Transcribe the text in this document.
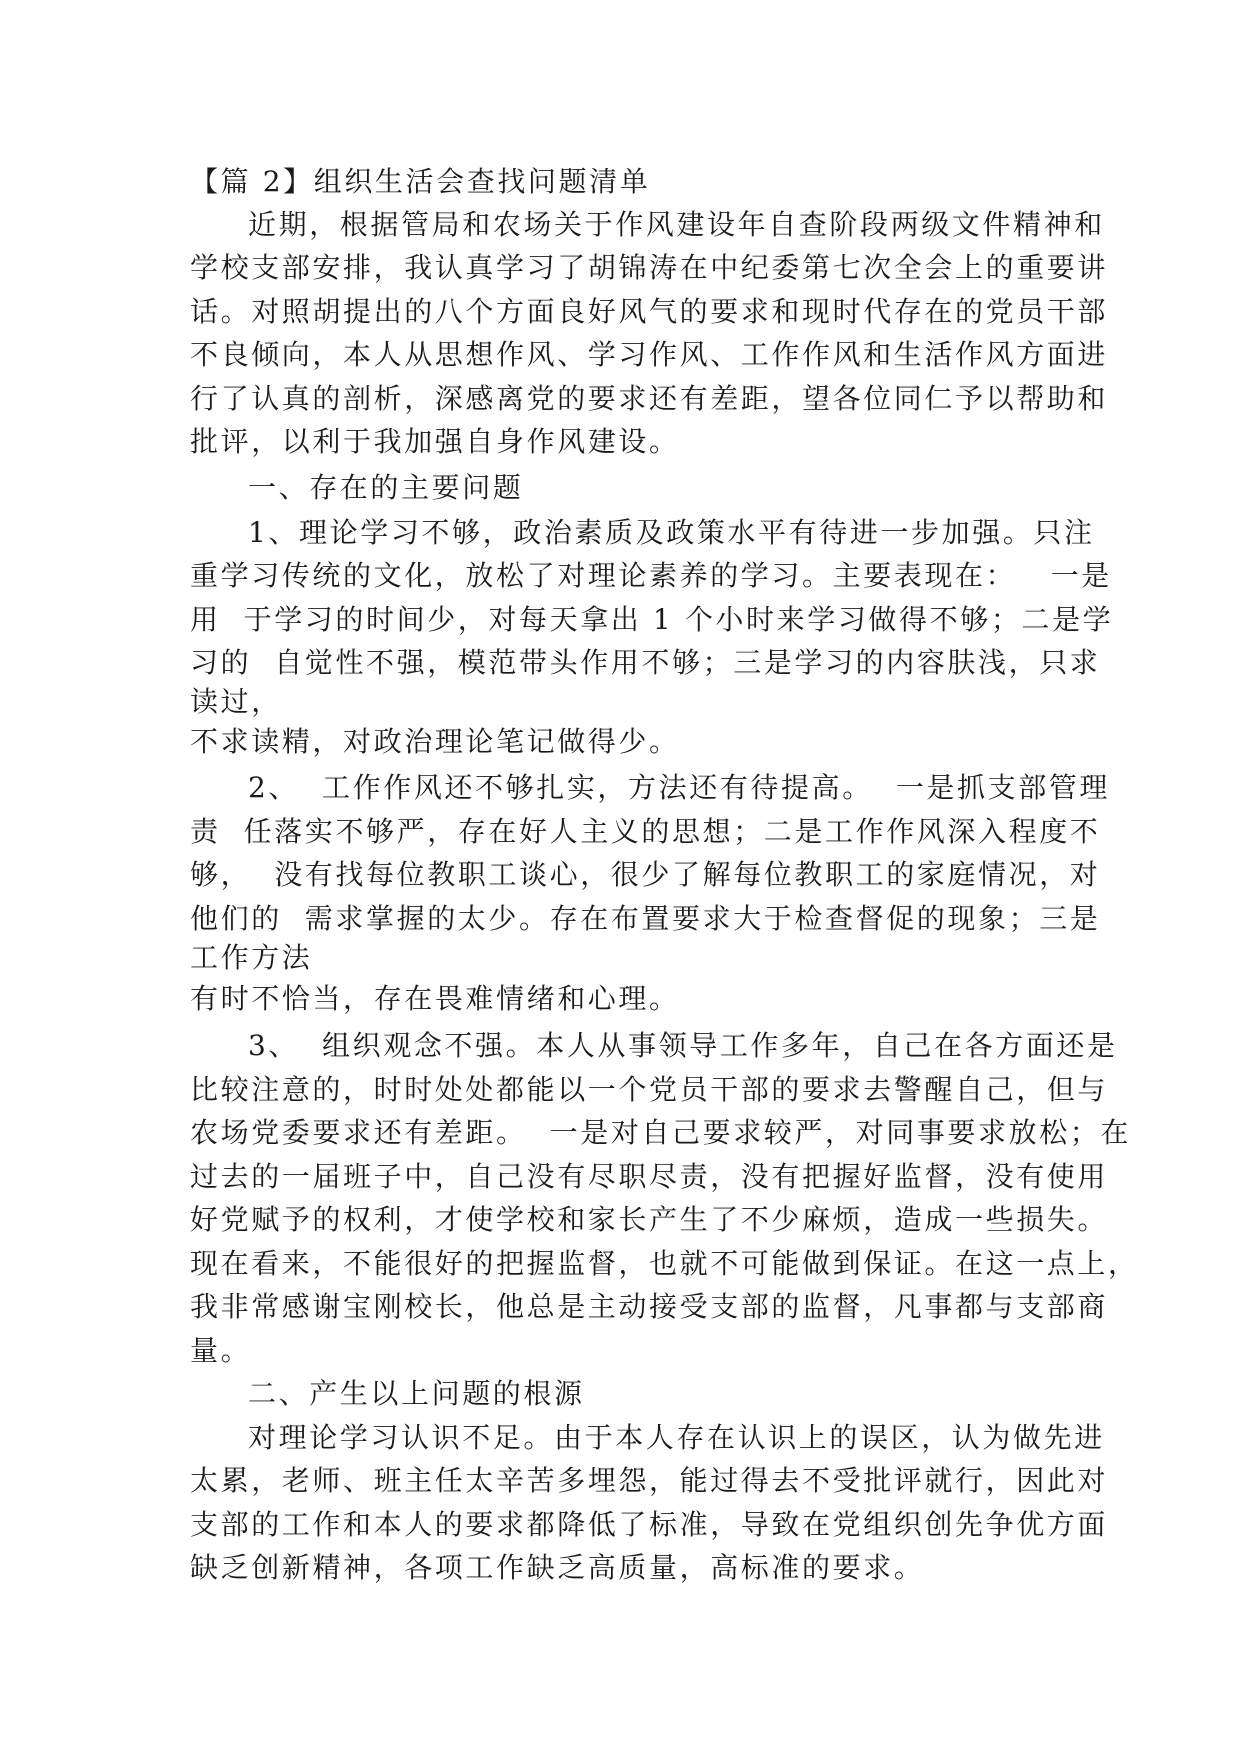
【篇 2】组织生活会查找问题清单
近期，根据管局和农场关于作风建设年自查阶段两级文件精神和
学校支部安排，我认真学习了胡锦涛在中纪委第七次全会上的重要讲
话。对照胡提出的八个方面良好风气的要求和现时代存在的党员干部
不良倾向，本人从思想作风、学习作风、工作作风和生活作风方面进
行了认真的剖析，深感离党的要求还有差距，望各位同仁予以帮助和
批评，以利于我加强自身作风建设。
一、存在的主要问题
1、理论学习不够，政治素质及政策水平有待进一步加强。只注
重学习传统的文化，放松了对理论素养的学习。主要表现在：   一是
用  于学习的时间少，对每天拿出 1 个小时来学习做得不够；二是学
习的  自觉性不强，模范带头作用不够；三是学习的内容肤浅，只求
读过，
不求读精，对政治理论笔记做得少。
2、  工作作风还不够扎实，方法还有待提高。  一是抓支部管理
责  任落实不够严，存在好人主义的思想；二是工作作风深入程度不
够，  没有找每位教职工谈心，很少了解每位教职工的家庭情况，对
他们的  需求掌握的太少。存在布置要求大于检查督促的现象；三是
工作方法
有时不恰当，存在畏难情绪和心理。
3、  组织观念不强。本人从事领导工作多年，自己在各方面还是
比较注意的，时时处处都能以一个党员干部的要求去警醒自己，但与
农场党委要求还有差距。  一是对自己要求较严，对同事要求放松；在
过去的一届班子中，自己没有尽职尽责，没有把握好监督，没有使用
好党赋予的权利，才使学校和家长产生了不少麻烦，造成一些损失。
现在看来，不能很好的把握监督，也就不可能做到保证。在这一点上，
我非常感谢宝刚校长，他总是主动接受支部的监督，凡事都与支部商
量。
二、产生以上问题的根源
对理论学习认识不足。由于本人存在认识上的误区，认为做先进
太累，老师、班主任太辛苦多埋怨，能过得去不受批评就行，因此对
支部的工作和本人的要求都降低了标准，导致在党组织创先争优方面
缺乏创新精神，各项工作缺乏高质量，高标准的要求。
